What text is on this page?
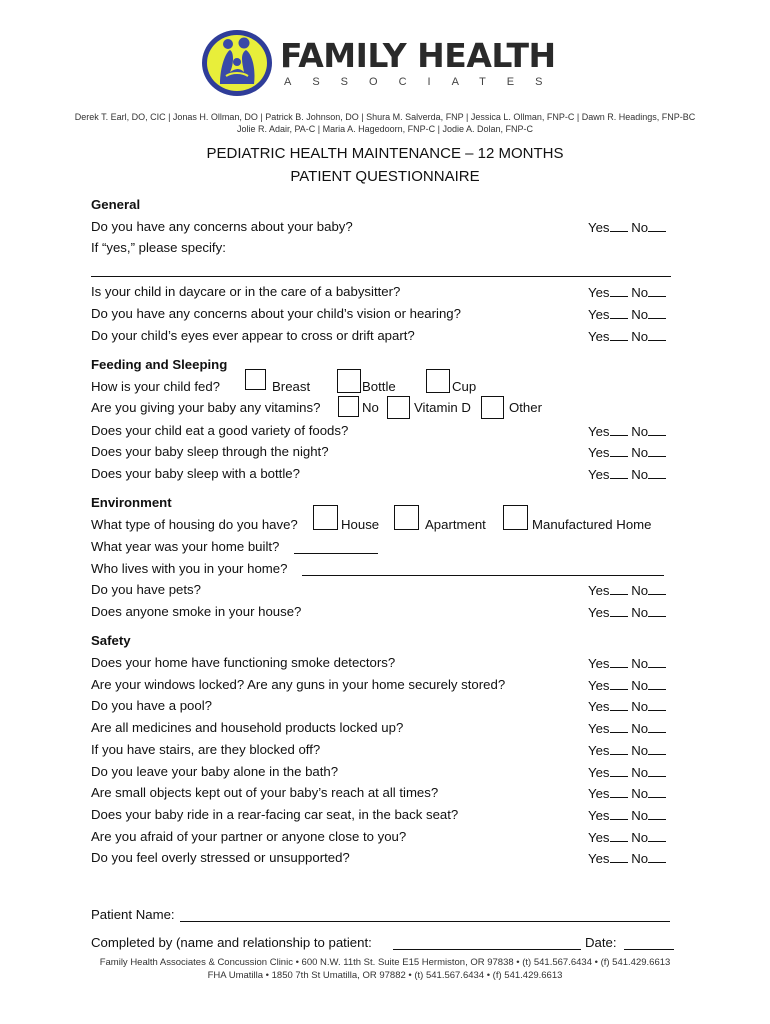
FAMILY HEALTH
ASSOCIATES
Derek T. Earl, DO, CIC | Jonas H. Ollman, DO | Patrick B. Johnson, DO | Shura M. Salverda, FNP | Jessica L. Ollman, FNP-C | Dawn R. Headings, FNP-BC
Jolie R. Adair, PA-C | Maria A. Hagedoorn, FNP-C | Jodie A. Dolan, FNP-C
PEDIATRIC HEALTH MAINTENANCE – 12 MONTHS
PATIENT QUESTIONNAIRE
General
Do you have any concerns about your baby?	Yes No
If “yes,” please specify:
Is your child in daycare or in the care of a babysitter?	Yes No
Do you have any concerns about your child’s vision or hearing?	Yes No
Do your child’s eyes ever appear to cross or drift apart?	Yes No
Feeding and Sleeping
How is your child fed?	Breast	Bottle	Cup
Are you giving your baby any vitamins?	No	Vitamin D	Other
Does your child eat a good variety of foods?	Yes No
Does your baby sleep through the night?	Yes No
Does your baby sleep with a bottle?	Yes No
Environment
What type of housing do you have?	House	Apartment	Manufactured Home
What year was your home built?
Who lives with you in your home?
Do you have pets?	Yes No
Does anyone smoke in your house?	Yes No
Safety
Does your home have functioning smoke detectors?	Yes No
Are your windows locked? Are any guns in your home securely stored?	Yes No
Do you have a pool?	Yes No
Are all medicines and household products locked up?	Yes No
If you have stairs, are they blocked off?	Yes No
Do you leave your baby alone in the bath?	Yes No
Are small objects kept out of your baby’s reach at all times?	Yes No
Does your baby ride in a rear-facing car seat, in the back seat?	Yes No
Are you afraid of your partner or anyone close to you?	Yes No
Do you feel overly stressed or unsupported?	Yes No
Patient Name:
Completed by (name and relationship to patient:	Date:
Family Health Associates & Concussion Clinic • 600 N.W. 11th St. Suite E15 Hermiston, OR 97838 • (t) 541.567.6434 • (f) 541.429.6613
FHA Umatilla • 1850 7th St Umatilla, OR 97882 • (t) 541.567.6434 • (f) 541.429.6613
